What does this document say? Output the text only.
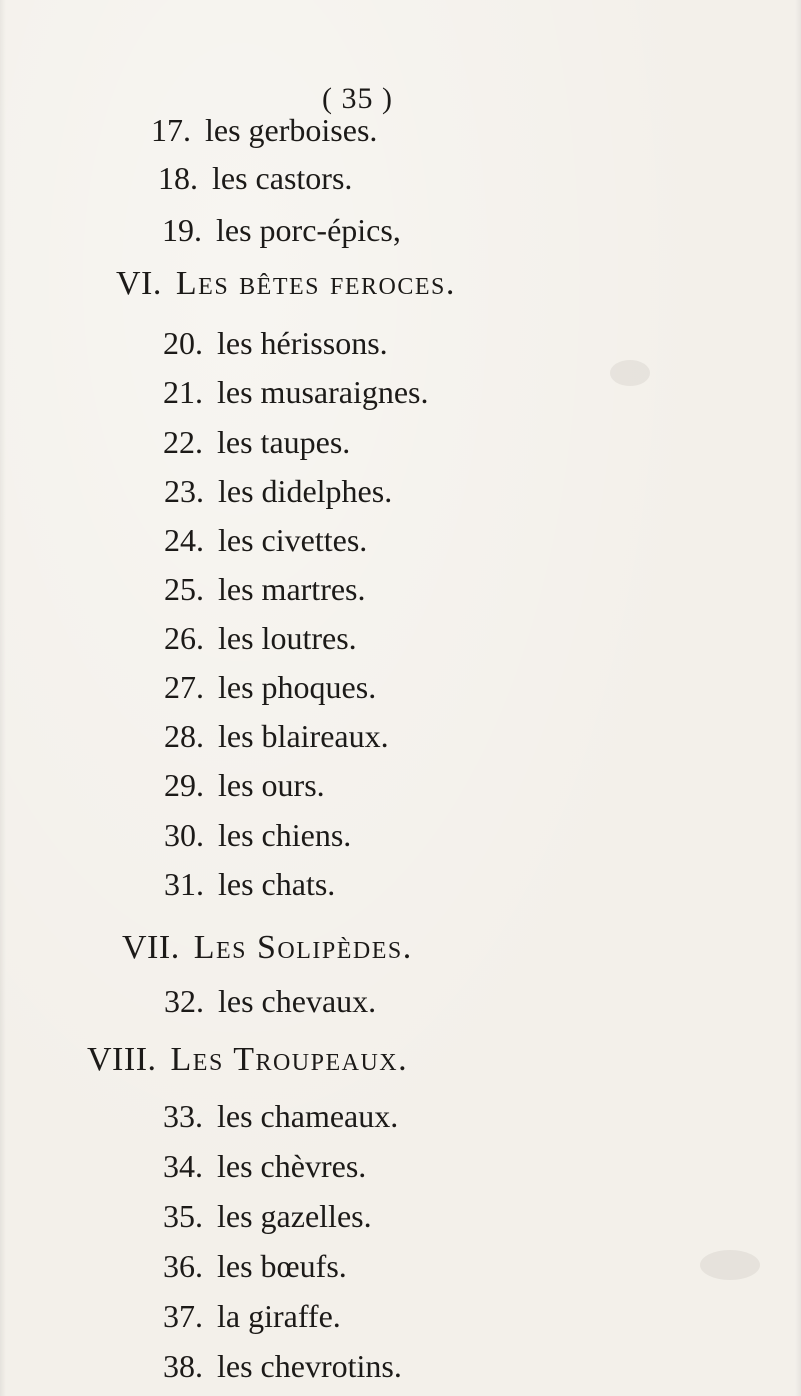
( 35 )
17. les gerboises.
18. les castors.
19. les porc-épics,
VI. Les bêtes feroces.
20. les hérissons.
21. les musaraignes.
22. les taupes.
23. les didelphes.
24. les civettes.
25. les martres.
26. les loutres.
27. les phoques.
28. les blaireaux.
29. les ours.
30. les chiens.
31. les chats.
VII. Les Solipèdes.
32. les chevaux.
VIII. Les Troupeaux.
33. les chameaux.
34. les chèvres.
35. les gazelles.
36. les bœufs.
37. la giraffe.
38. les chevrotins.
